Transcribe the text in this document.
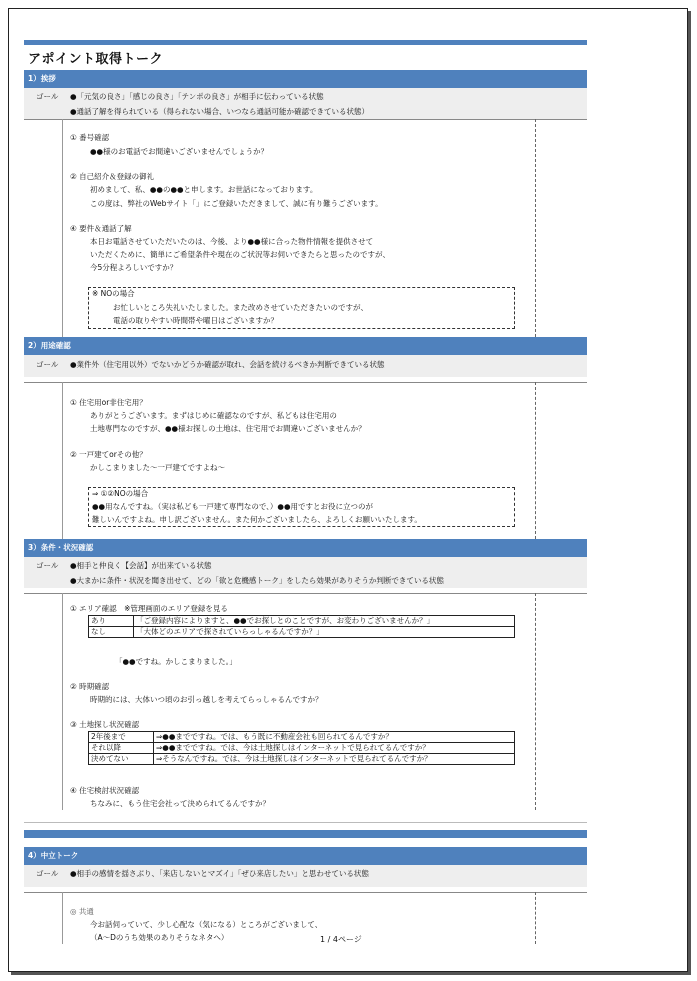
アポイント取得トーク
1）挨拶
ゴール ●「元気の良さ」「感じの良さ」「テンポの良さ」が相手に伝わっている状態
●通話了解を得られている（得られない場合、いつなら通話可能か確認できている状態）
① 番号確認
●●様のお電話でお間違いございませんでしょうか？
② 自己紹介＆登録の御礼
初めまして、私、●●の●●と申します。お世話になっております。
この度は、弊社のWebサイト「」にご登録いただきまして、誠に有り難うございます。
④ 要件＆通話了解
本日お電話させていただいたのは、今後、より●●様に合った物件情報を提供させて
いただくために、簡単にご希望条件や現在のご状況等お伺いできたらと思ったのですが、
今5分程よろしいですか？
※ NOの場合
お忙しいところ失礼いたしました。また改めさせていただきたいのですが、
電話の取りやすい時間帯や曜日はございますか？
2）用途確認
ゴール ●業件外（住宅用以外）でないかどうか確認が取れ、会話を続けるべきか判断できている状態
① 住宅用or非住宅用？
ありがとうございます。まずはじめに確認なのですが、私どもは住宅用の
土地専門なのですが、●●様お探しの土地は、住宅用でお間違いございませんか？
② 一戸建てorその他？
かしこまりました～一戸建てですよね～
⇒ ①②NOの場合
●●用なんですね。（実は私ども一戸建て専門なので、）●●用ですとお役に立つのが
難しいんですよね。申し訳ございません。また何かございましたら、よろしくお願いいたします。
3）条件・状況確認
ゴール ●相手と仲良く【会話】が出来ている状態
●大まかに条件・状況を聞き出せて、どの「欲と危機感トーク」をしたら効果がありそうか判断できている状態
① エリア確認　※管理画面のエリア登録を見る
あり	「ご登録内容によりますと、●●でお探しとのことですが、お変わりございませんか？」
なし	「大体どのエリアで探されていらっしゃるんですか？」
「●●ですね。かしこまりました。」
② 時期確認
時期的には、大体いつ頃のお引っ越しを考えてらっしゃるんですか？
③ 土地探し状況確認
2年後まで	⇒●●までですね。では、もう既に不動産会社も回られてるんですか？
それ以降	⇒●●までですね。では、今は土地探しはインターネットで見られてるんですか？
決めてない	⇒そうなんですね。では、今は土地探しはインターネットで見られてるんですか？
④ 住宅検討状況確認
ちなみに、もう住宅会社って決められてるんですか？
4）中立トーク
ゴール ●相手の感情を揺さぶり、「来店しないとマズイ」「ぜひ来店したい」と思わせている状態
◎ 共通
今お話伺っていて、少し心配な（気になる）ところがございまして、
（A～Dのうち効果のありそうなネタへ）	1 / 4ページ
